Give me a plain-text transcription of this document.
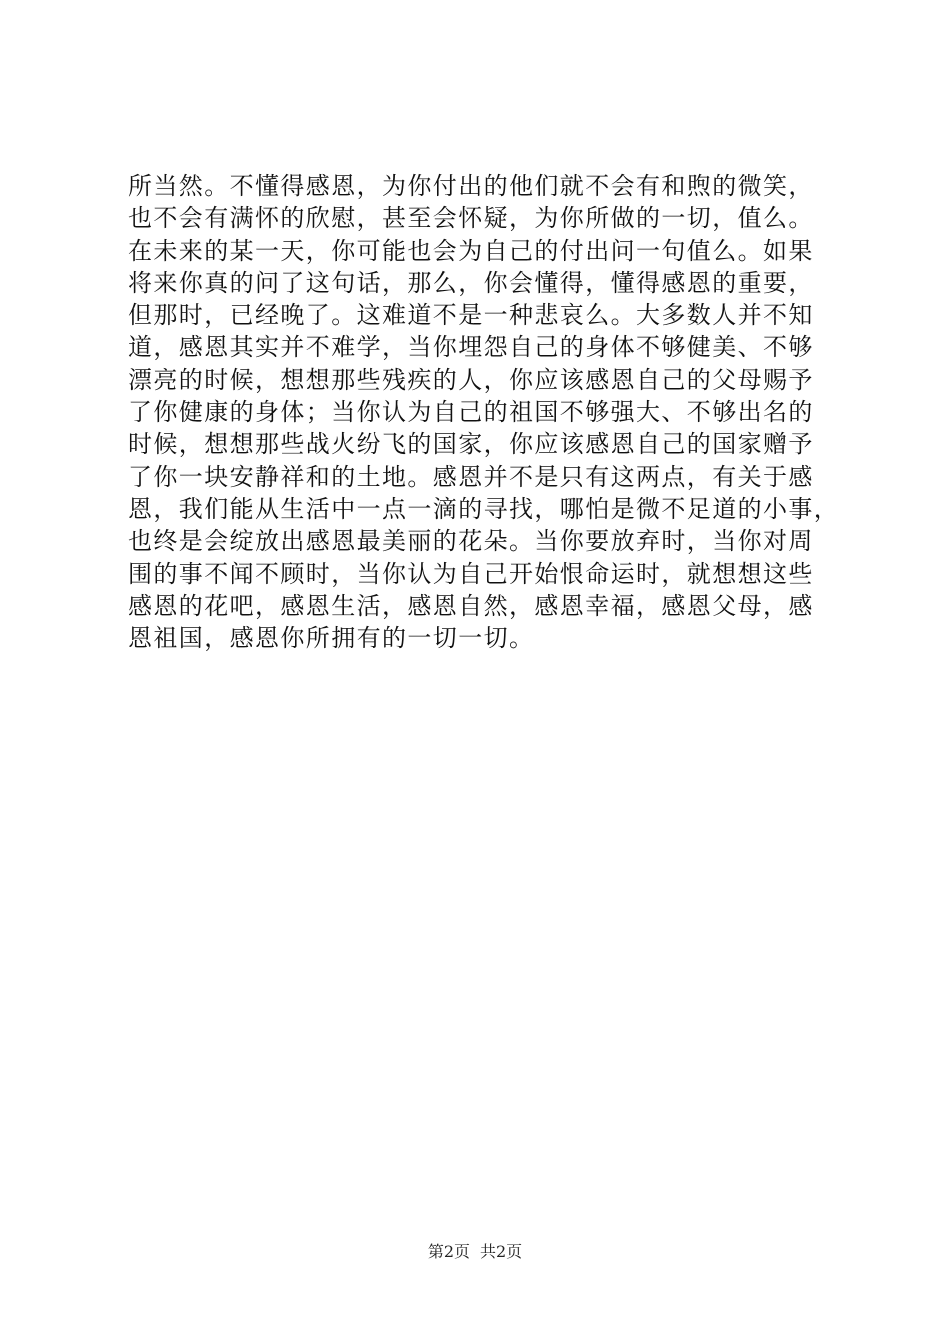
所当然。不懂得感恩，为你付出的他们就不会有和煦的微笑，
也不会有满怀的欣慰，甚至会怀疑，为你所做的一切，值么。
在未来的某一天，你可能也会为自己的付出问一句值么。如果
将来你真的问了这句话，那么，你会懂得，懂得感恩的重要，
但那时，已经晚了。这难道不是一种悲哀么。大多数人并不知
道，感恩其实并不难学，当你埋怨自己的身体不够健美、不够
漂亮的时候，想想那些残疾的人，你应该感恩自己的父母赐予
了你健康的身体；当你认为自己的祖国不够强大、不够出名的
时候，想想那些战火纷飞的国家，你应该感恩自己的国家赠予
了你一块安静祥和的土地。感恩并不是只有这两点，有关于感
恩，我们能从生活中一点一滴的寻找，哪怕是微不足道的小事，
也终是会绽放出感恩最美丽的花朵。当你要放弃时，当你对周
围的事不闻不顾时，当你认为自己开始恨命运时，就想想这些
感恩的花吧，感恩生活，感恩自然，感恩幸福，感恩父母，感
恩祖国，感恩你所拥有的一切一切。
第2页 共2页
